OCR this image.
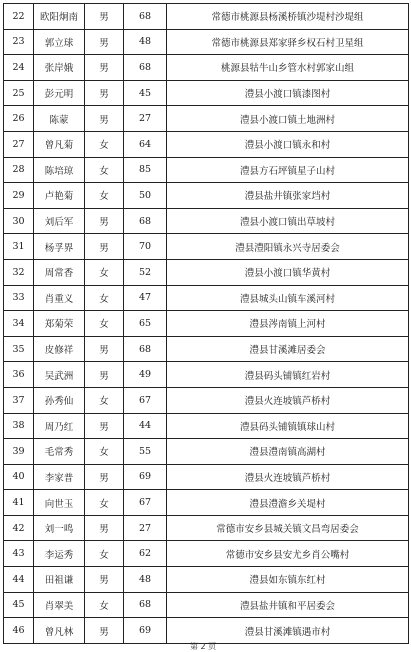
22	欧阳炯南	男	68	常德市桃源县杨溪桥镇沙堤村沙堤组
23	郭立球	男	48	常德市桃源县郑家驿乡权石村卫星组
24	张岸娥	男	68	桃源县牯牛山乡管水村郭家山组
25	彭元明	男	45	澧县小渡口镇漆图村
26	陈蒙	男	27	澧县小渡口镇土地洲村
27	曾凡菊	女	64	澧县小渡口镇永和村
28	陈培琼	女	85	澧县方石坪镇星子山村
29	卢艳菊	女	50	澧县盐井镇张家垱村
30	刘后军	男	68	澧县小渡口镇出草坡村
31	杨孚界	男	70	澧县澧阳镇永兴寺居委会
32	周常香	女	52	澧县小渡口镇华黄村
33	肖重义	女	47	澧县城头山镇车溪河村
34	郑菊荣	女	65	澧县涔南镇上河村
35	皮修祥	男	68	澧县甘溪滩居委会
36	吴武洲	男	49	澧县码头铺镇红岩村
37	孙秀仙	女	67	澧县火连坡镇芦桥村
38	周乃红	男	44	澧县码头铺镇镇球山村
39	毛常秀	女	55	澧县澧南镇高湖村
40	李家普	男	69	澧县火连坡镇芦桥村
41	向世玉	女	67	澧县澧澹乡关堤村
42	刘一鸣	男	27	常德市安乡县城关镇文昌弯居委会
43	李运秀	女	62	常德市安乡县安尤乡肖公嘴村
44	田祖谦	男	48	澧县如东镇东红村
45	肖翠美	女	68	澧县盐井镇和平居委会
46	曾凡林	男	69	澧县甘溪滩镇遇市村
第 2 页
